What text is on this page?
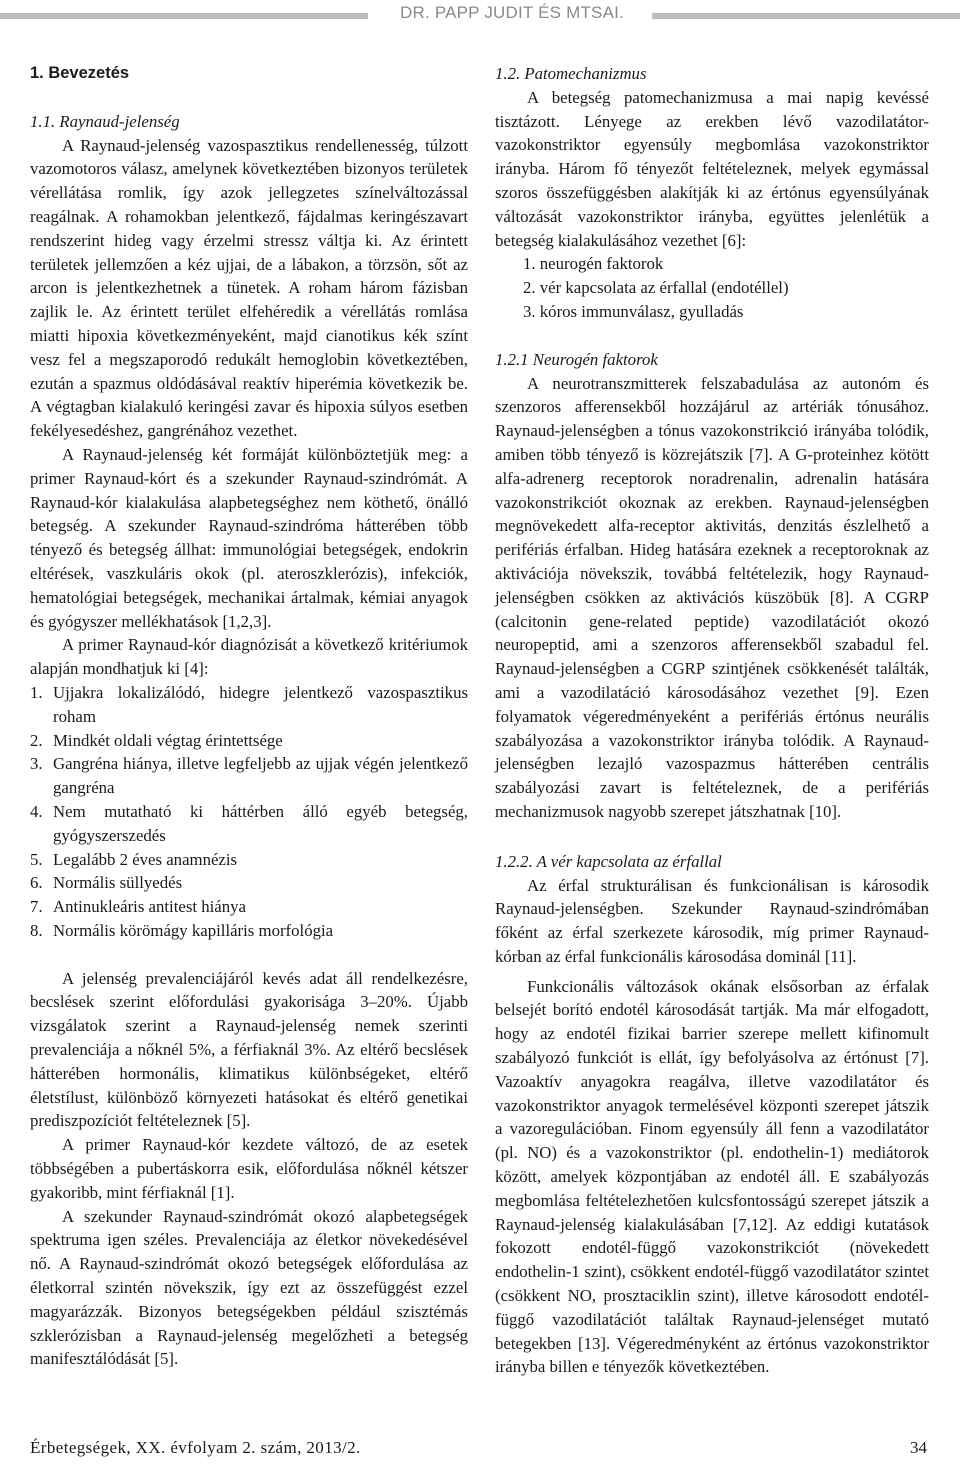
DR. PAPP JUDIT ÉS MTSAI.
1. Bevezetés
1.1. Raynaud-jelenség

A Raynaud-jelenség vazospasztikus rendellenesség, túlzott vazomotoros válasz, amelynek következtében bizonyos területek vérellátása romlik, így azok jellegzetes színelváltozással reagálnak. A rohamokban jelentkező, fájdalmas keringészavart rendszerint hideg vagy érzelmi stressz váltja ki. Az érintett területek jellemzően a kéz ujjai, de a lábakon, a törzsön, sőt az arcon is jelentkezhetnek a tünetek. A roham három fázisban zajlik le. Az érintett terület elfehéredik a vérellátás romlása miatti hipoxia következményeként, majd cianotikus kék színt vesz fel a megszaporodó redukált hemoglobin következtében, ezután a spazmus oldódásával reaktív hiperémia következik be. A végtagban kialakuló keringési zavar és hipoxia súlyos esetben fekélyesedéshez, gangrénához vezethet.

A Raynaud-jelenség két formáját különböztetjük meg: a primer Raynaud-kórt és a szekunder Raynaud-szindrómát. A Raynaud-kór kialakulása alapbetegséghez nem köthető, önálló betegség. A szekunder Raynaud-szindróma hátterében több tényező és betegség állhat: immunológiai betegségek, endokrin eltérések, vaszkuláris okok (pl. ateroszklerózis), infekciók, hematológiai betegségek, mechanikai ártalmak, kémiai anyagok és gyógyszer mellékhatások [1,2,3].

A primer Raynaud-kór diagnózisát a következő kritériumok alapján mondhatjuk ki [4]:

1. Ujjakra lokalizálódó, hidegre jelentkező vazospasztikus roham
2. Mindkét oldali végtag érintettsége
3. Gangréna hiánya, illetve legfeljebb az ujjak végén jelentkező gangréna
4. Nem mutatható ki háttérben álló egyéb betegség, gyógyszerszedés
5. Legalább 2 éves anamnézis
6. Normális süllyedés
7. Antinukleáris antitest hiánya
8. Normális körömágy kapilláris morfológia

A jelenség prevalenciájáról kevés adat áll rendelkezésre, becslések szerint előfordulási gyakorisága 3–20%. Újabb vizsgálatok szerint a Raynaud-jelenség nemek szerinti prevalenciája a nőknél 5%, a férfiaknál 3%. Az eltérő becslések hátterében hormonális, klimatikus különbségeket, eltérő életstílust, különböző környezeti hatásokat és eltérő genetikai prediszpozíciót feltételeznek [5].

A primer Raynaud-kór kezdete változó, de az esetek többségében a pubertáskorra esik, előfordulása nőknél kétszer gyakoribb, mint férfiaknál [1].

A szekunder Raynaud-szindrómát okozó alapbetegségek spektruma igen széles. Prevalenciája az életkor növekedésével nő. A Raynaud-szindrómát okozó betegségek előfordulása az életkorral szintén növekszik, így ezt az összefüggést ezzel magyarázzák. Bizonyos betegségekben például szisztémás szklerózisban a Raynaud-jelenség megelőzheti a betegség manifesztálódását [5].

1.2. Patomechanizmus

A betegség patomechanizmusa a mai napig kevéssé tisztázott. Lényege az erekben lévő vazodilatátor-vazokonstriktor egyensúly megbomlása vazokonstriktor irányba. Három fő tényezőt feltételeznek, melyek egymással szoros összefüggésben alakítják ki az értónus egyensúlyának változását vazokonstriktor irányba, együttes jelenlétük a betegség kialakulásához vezethet [6]:

1. neurogén faktorok
2. vér kapcsolata az érfallal (endotéllel)
3. kóros immunválasz, gyulladás
1.2.1 Neurogén faktorok

A neurotranszmitterek felszabadulása az autonóm és szenzoros afferensekből hozzájárul az artériák tónusához. Raynaud-jelenségben a tónus vazokonstrikció irányába tolódik, amiben több tényező is közrejátszik [7]. A G-proteinhez kötött alfa-adrenerg receptorok noradrenalin, adrenalin hatására vazokonstrikciót okoznak az erekben. Raynaud-jelenségben megnövekedett alfa-receptor aktivitás, denzitás észlelhető a perifériás érfalban. Hideg hatására ezeknek a receptoroknak az aktivációja növekszik, továbbá feltételezik, hogy Raynaud-jelenségben csökken az aktivációs küszöbük [8]. A CGRP (calcitonin gene-related peptide) vazodilatációt okozó neuropeptid, ami a szenzoros afferensekből szabadul fel. Raynaud-jelenségben a CGRP szintjének csökkenését találták, ami a vazodilatáció károsodásához vezethet [9]. Ezen folyamatok végeredményeként a perifériás értónus neurális szabályozása a vazokonstriktor irányba tolódik. A Raynaud-jelenségben lezajló vazospazmus hátterében centrális szabályozási zavart is feltételeznek, de a perifériás mechanizmusok nagyobb szerepet játszhatnak [10].

1.2.2. A vér kapcsolata az érfallal

Az érfal strukturálisan és funkcionálisan is károsodik Raynaud-jelenségben. Szekunder Raynaud-szindrómában főként az érfal szerkezete károsodik, míg primer Raynaud-kórban az érfal funkcionális károsodása dominál [11].

Funkcionális változások okának elsősorban az érfalak belsejét borító endotél károsodását tartják. Ma már elfogadott, hogy az endotél fizikai barrier szerepe mellett kifinomult szabályozó funkciót is ellát, így befolyásolva az értónust [7]. Vazoaktív anyagokra reagálva, illetve vazodilatátor és vazokonstriktor anyagok termelésével központi szerepet játszik a vazoregulációban. Finom egyensúly áll fenn a vazodilatátor (pl. NO) és a vazokonstriktor (pl. endothelin-1) mediátorok között, amelyek központjában az endotél áll. E szabályozás megbomlása feltételezhetően kulcsfontosságú szerepet játszik a Raynaud-jelenség kialakulásában [7,12]. Az eddigi kutatások fokozott endotél-függő vazokonstrikciót (növekedett endothelin-1 szint), csökkent endotél-függő vazodilatátor szintet (csökkent NO, prosztaciklin szint), illetve károsodott endotél-függő vazodilatációt találtak Raynaud-jelenséget mutató betegekben [13]. Végeredményként az értónus vazokonstriktor irányba billen e tényezők következtében.

Érbetegségek, XX. évfolyam 2. szám, 2013/2.	34
